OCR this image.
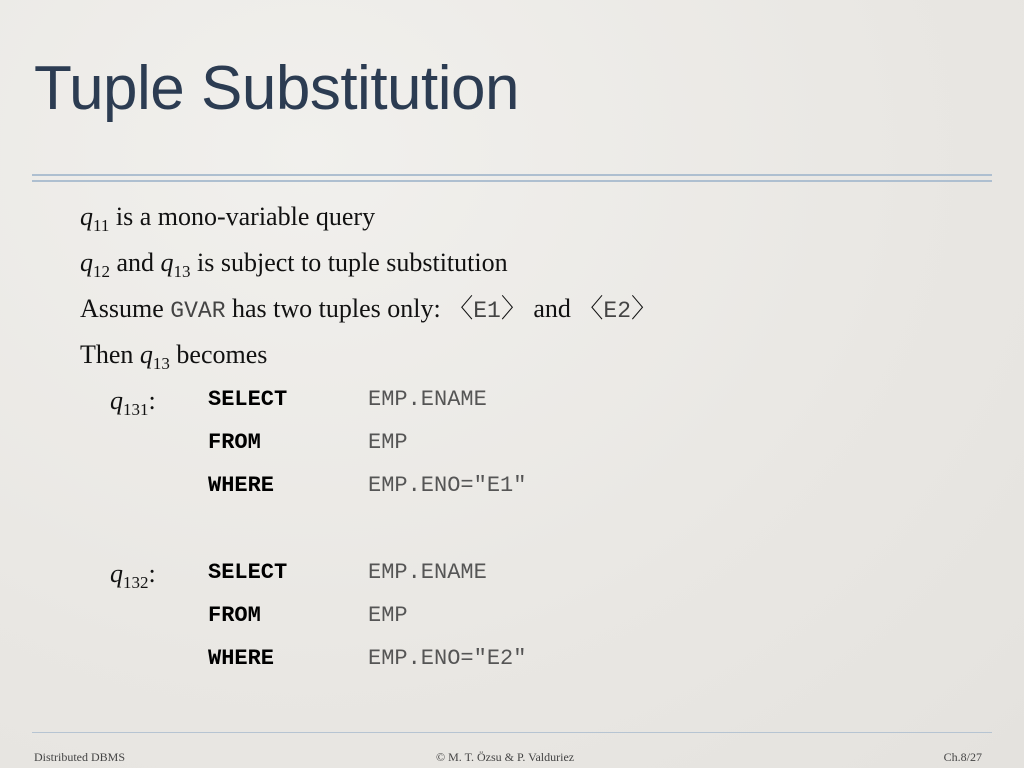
Tuple Substitution
$q_{11}$ is a mono-variable query
$q_{12}$ and $q_{13}$ is subject to tuple substitution
Assume GVAR has two tuples only: 〈E1〉 and 〈E2〉
Then $q_{13}$ becomes
$q_{131}$: SELECT	EMP.ENAME
FROM	EMP
WHERE	EMP.ENO="E1"
$q_{132}$: SELECT	EMP.ENAME
FROM	EMP
WHERE	EMP.ENO="E2"
Distributed DBMS	© M. T. Özsu & P. Valduriez	Ch.8/27
